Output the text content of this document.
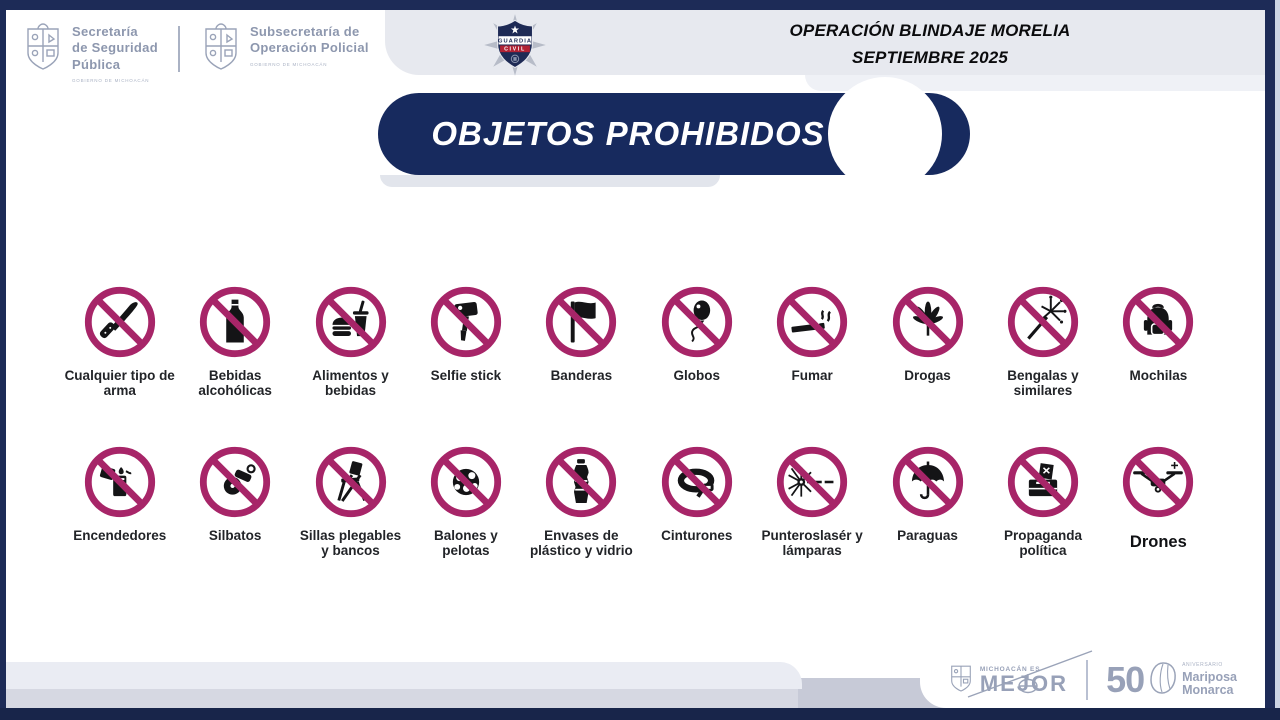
Secretaría
de Seguridad
Pública
GOBIERNO DE MICHOACÁN
Subsecretaría de
Operación Policial
GOBIERNO DE MICHOACÁN
GUARDIA
CIVIL
OPERACIÓN BLINDAJE MORELIA
SEPTIEMBRE 2025
OBJETOS PROHIBIDOS
Cualquier tipo de arma
Bebidas alcohólicas
Alimentos y bebidas
Selfie stick	Banderas	Globos	Fumar	Drogas	Bengalas y similares
Mochilas
Encendedores	Silbatos	Sillas plegables y bancos
Balones y pelotas
Envases de plástico y vidrio
Cinturones	Punteroslasér y lámparas
Paraguas	Propaganda política	Drones
MICHOACÁN ES
MEJOR 50	ANIVERSARIO
Mariposa
Monarca
